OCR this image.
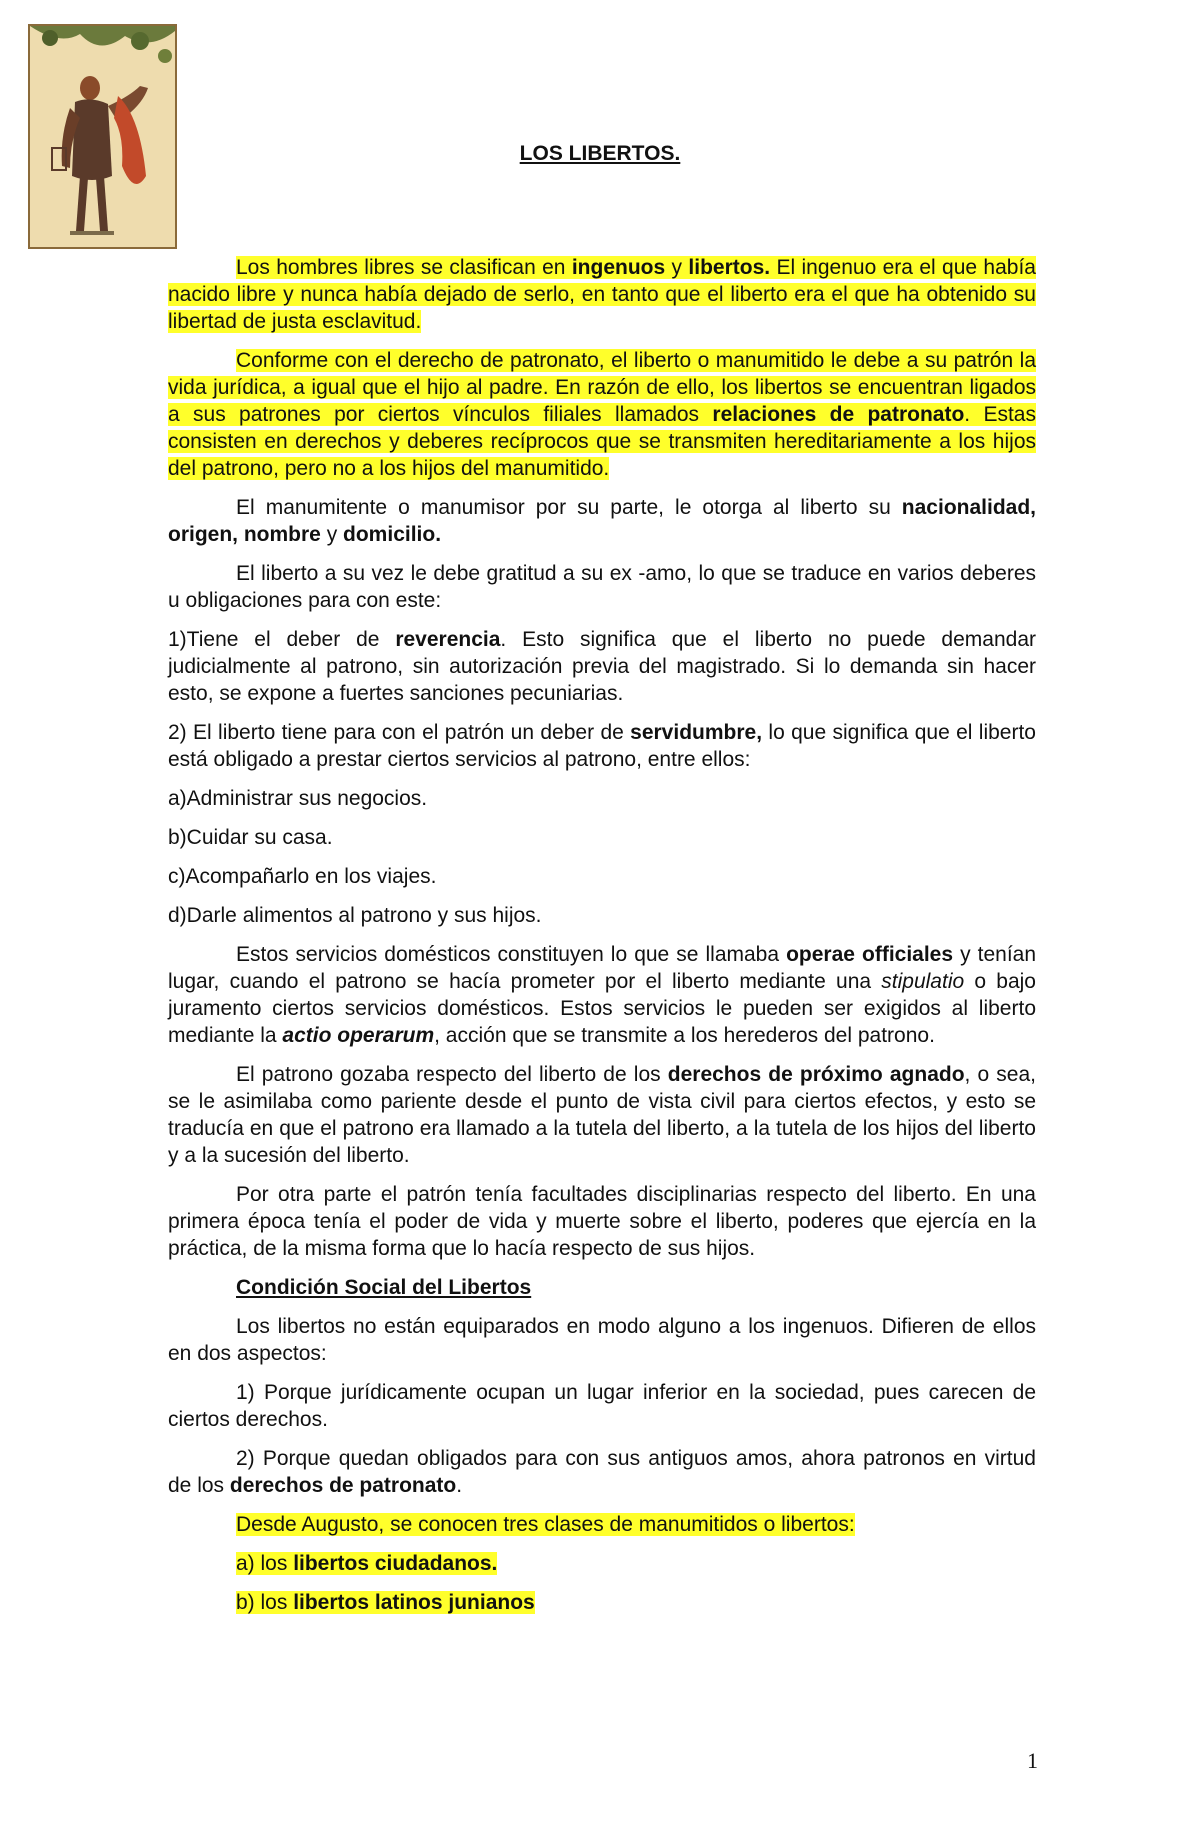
LOS LIBERTOS.

Los hombres libres se clasifican en ingenuos y libertos. El ingenuo era el que había nacido libre y nunca había dejado de serlo, en tanto que el liberto era el que ha obtenido su libertad de justa esclavitud.

Conforme con el derecho de patronato, el liberto o manumitido le debe a su patrón la vida jurídica, a igual que el hijo al padre. En razón de ello, los libertos se encuentran ligados a sus patrones por ciertos vínculos filiales llamados relaciones de patronato. Estas consisten en derechos y deberes recíprocos que se transmiten hereditariamente a los hijos del patrono, pero no a los hijos del manumitido.

El manumitente o manumisor por su parte, le otorga al liberto su nacionalidad, origen, nombre y domicilio.

El liberto a su vez le debe gratitud a su ex -amo, lo que se traduce en varios deberes u obligaciones para con este:

1)Tiene el deber de reverencia. Esto significa que el liberto no puede demandar judicialmente al patrono, sin autorización previa del magistrado. Si lo demanda sin hacer esto, se expone a fuertes sanciones pecuniarias.

2) El liberto tiene para con el patrón un deber de servidumbre, lo que significa que el liberto está obligado a prestar ciertos servicios al patrono, entre ellos:

a)Administrar sus negocios.

b)Cuidar su casa.

c)Acompañarlo en los viajes.

d)Darle alimentos al patrono y sus hijos.

Estos servicios domésticos constituyen lo que se llamaba operae officiales y tenían lugar, cuando el patrono se hacía prometer por el liberto mediante una stipulatio o bajo juramento ciertos servicios domésticos. Estos servicios le pueden ser exigidos al liberto mediante la actio operarum, acción que se transmite a los herederos del patrono.

El patrono gozaba respecto del liberto de los derechos de próximo agnado, o sea, se le asimilaba como pariente desde el punto de vista civil para ciertos efectos, y esto se traducía en que el patrono era llamado a la tutela del liberto, a la tutela de los hijos del liberto y a la sucesión del liberto.

Por otra parte el patrón tenía facultades disciplinarias respecto del liberto. En una primera época tenía el poder de vida y muerte sobre el liberto, poderes que ejercía en la práctica, de la misma forma que lo hacía respecto de sus hijos.

Condición Social del Libertos

Los libertos no están equiparados en modo alguno a los ingenuos. Difieren de ellos en dos aspectos:

1) Porque jurídicamente ocupan un lugar inferior en la sociedad, pues carecen de ciertos derechos.

2) Porque quedan obligados para con sus antiguos amos, ahora patronos en virtud de los derechos de patronato.

Desde Augusto, se conocen tres clases de manumitidos o libertos:

a) los libertos ciudadanos.

b) los libertos latinos junianos

1
